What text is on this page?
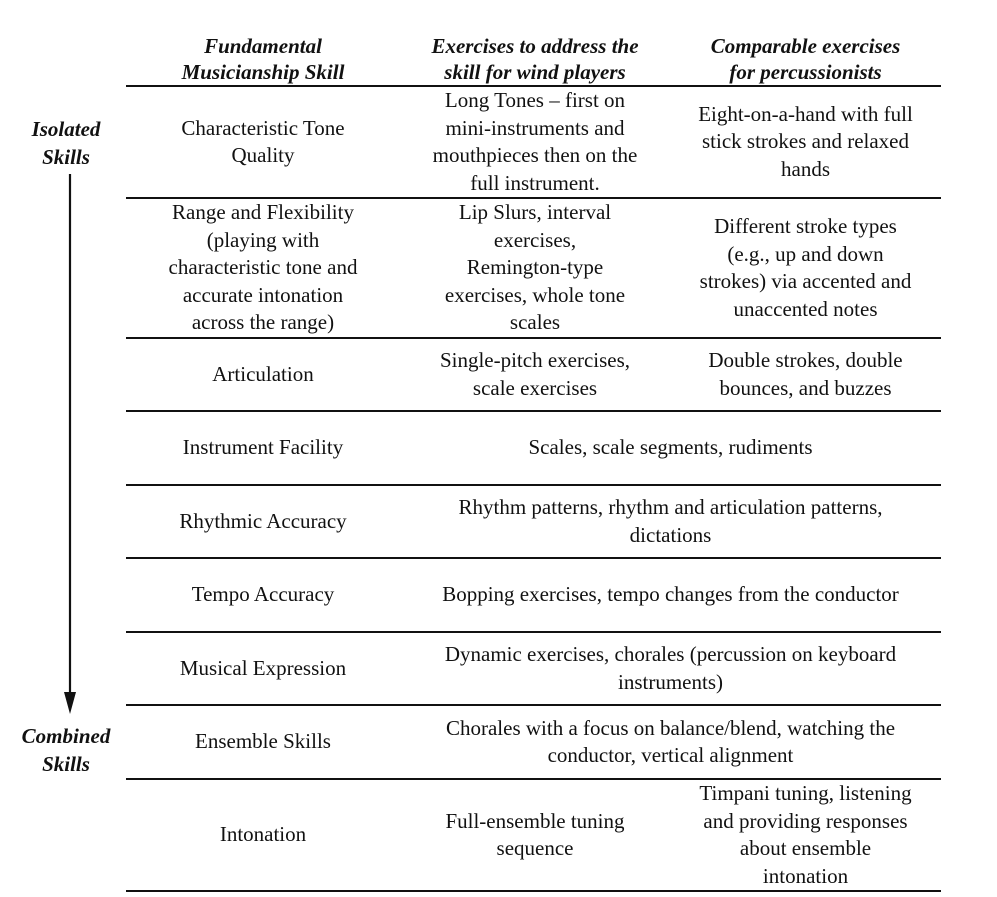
Isolated
Skills
Combined
Skills
Fundamental
Musicianship Skill
Exercises to address the
skill for wind players
Comparable exercises
for percussionists
Characteristic Tone
Quality
Long Tones – first on
mini-instruments and
mouthpieces then on the
full instrument.
Eight-on-a-hand with full
stick strokes and relaxed
hands
Range and Flexibility
(playing with
characteristic tone and
accurate intonation
across the range)
Lip Slurs, interval
exercises,
Remington-type
exercises, whole tone
scales
Different stroke types
(e.g., up and down
strokes) via accented and
unaccented notes
Articulation
Single-pitch exercises,
scale exercises
Double strokes, double
bounces, and buzzes
Instrument Facility	Scales, scale segments, rudiments
Rhythmic Accuracy
Rhythm patterns, rhythm and articulation patterns,
dictations
Tempo Accuracy	Bopping exercises, tempo changes from the conductor
Musical Expression
Dynamic exercises, chorales (percussion on keyboard
instruments)
Ensemble Skills
Chorales with a focus on balance/blend, watching the
conductor, vertical alignment
Intonation
Full-ensemble tuning
sequence
Timpani tuning, listening
and providing responses
about ensemble
intonation
